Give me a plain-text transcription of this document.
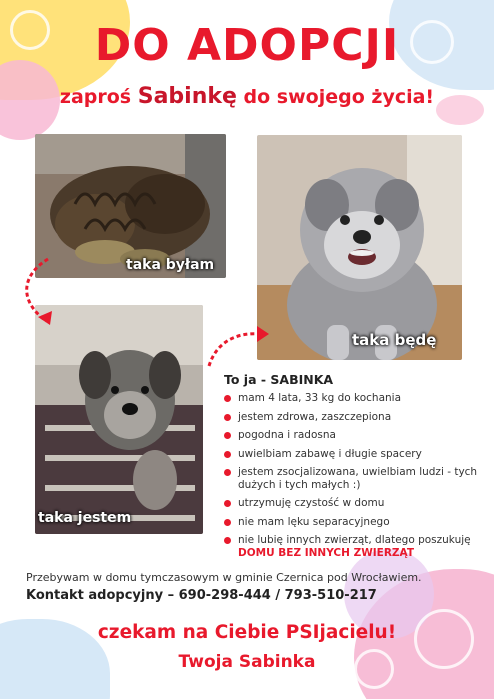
DO ADOPCJI
zaproś Sabinkę do swojego życia!
taka byłam
taka będę
taka jestem
To ja - SABINKA
mam 4 lata, 33 kg do kochania
jestem zdrowa, zaszczepiona
pogodna i radosna
uwielbiam zabawę i długie spacery
jestem zsocjalizowana, uwielbiam ludzi - tych dużych i tych małych :)
utrzymuję czystość w domu
nie mam lęku separacyjnego
nie lubię innych zwierząt, dlatego poszukuję DOMU BEZ INNYCH ZWIERZĄT
Przebywam w domu tymczasowym w gminie Czernica pod Wrocławiem.
Kontakt adopcyjny – 690-298-444 / 793-510-217
czekam na Ciebie PSIjacielu!
Twoja Sabinka
